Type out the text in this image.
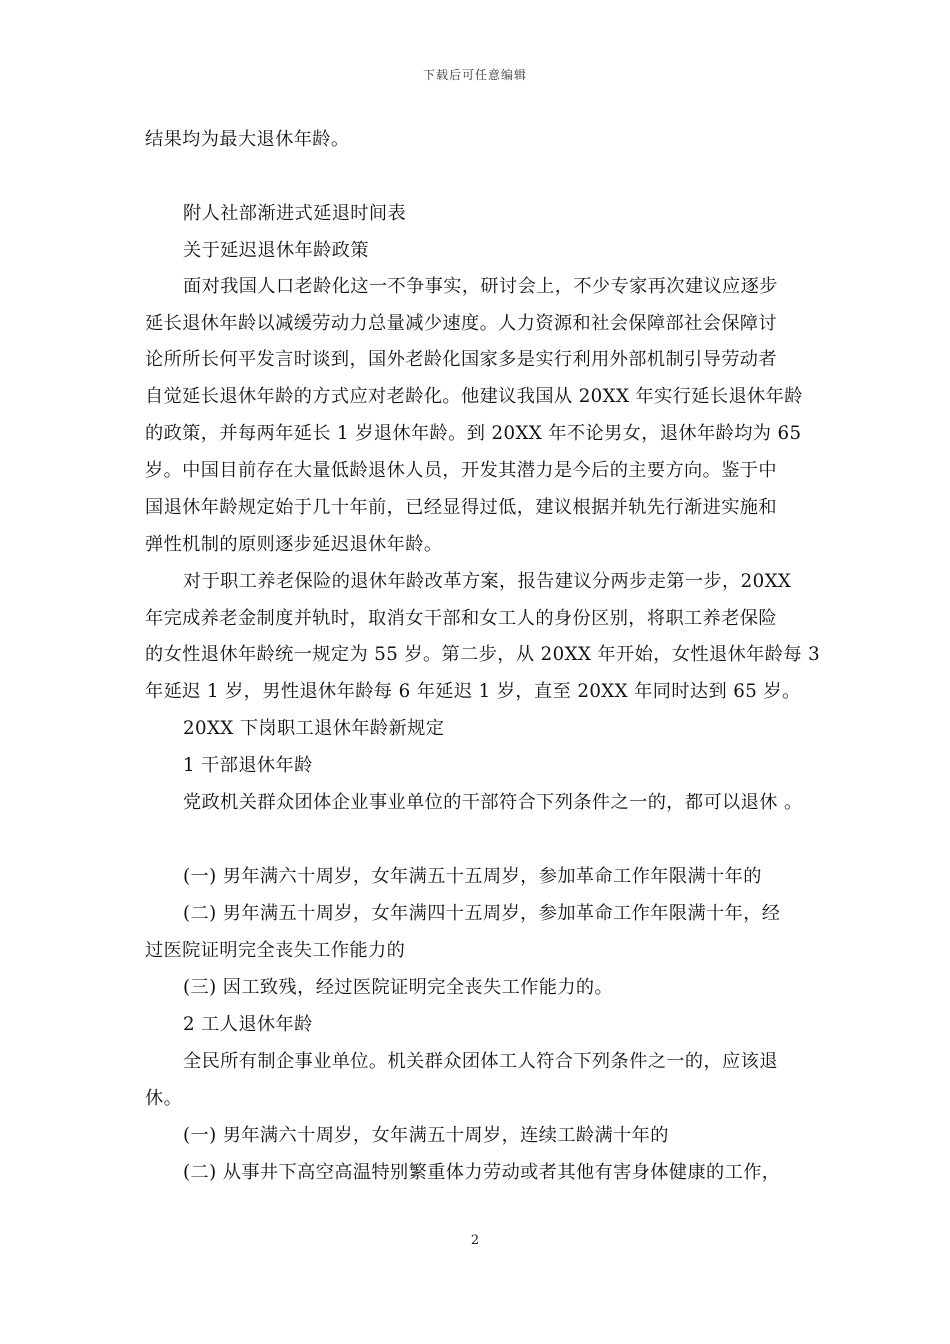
下载后可任意编辑
结果均为最大退休年龄。
附人社部渐进式延退时间表
关于延迟退休年龄政策
面对我国人口老龄化这一不争事实，研讨会上，不少专家再次建议应逐步
延长退休年龄以减缓劳动力总量减少速度。人力资源和社会保障部社会保障讨
论所所长何平发言时谈到，国外老龄化国家多是实行利用外部机制引导劳动者
自觉延长退休年龄的方式应对老龄化。他建议我国从 20XX 年实行延长退休年龄
的政策，并每两年延长 1 岁退休年龄。到 20XX 年不论男女，退休年龄均为 65
岁。中国目前存在大量低龄退休人员，开发其潜力是今后的主要方向。鉴于中
国退休年龄规定始于几十年前，已经显得过低，建议根据并轨先行渐进实施和
弹性机制的原则逐步延迟退休年龄。
对于职工养老保险的退休年龄改革方案，报告建议分两步走第一步，20XX
年完成养老金制度并轨时，取消女干部和女工人的身份区别，将职工养老保险
的女性退休年龄统一规定为 55 岁。第二步，从 20XX 年开始，女性退休年龄每 3
年延迟 1 岁，男性退休年龄每 6 年延迟 1 岁，直至 20XX 年同时达到 65 岁。
20XX 下岗职工退休年龄新规定
1 干部退休年龄
党政机关群众团体企业事业单位的干部符合下列条件之一的，都可以退休 。
(一) 男年满六十周岁，女年满五十五周岁，参加革命工作年限满十年的
(二) 男年满五十周岁，女年满四十五周岁，参加革命工作年限满十年，经
过医院证明完全丧失工作能力的
(三) 因工致残，经过医院证明完全丧失工作能力的。
2 工人退休年龄
全民所有制企事业单位。机关群众团体工人符合下列条件之一的，应该退
休。
(一) 男年满六十周岁，女年满五十周岁，连续工龄满十年的
(二) 从事井下高空高温特别繁重体力劳动或者其他有害身体健康的工作，
2
